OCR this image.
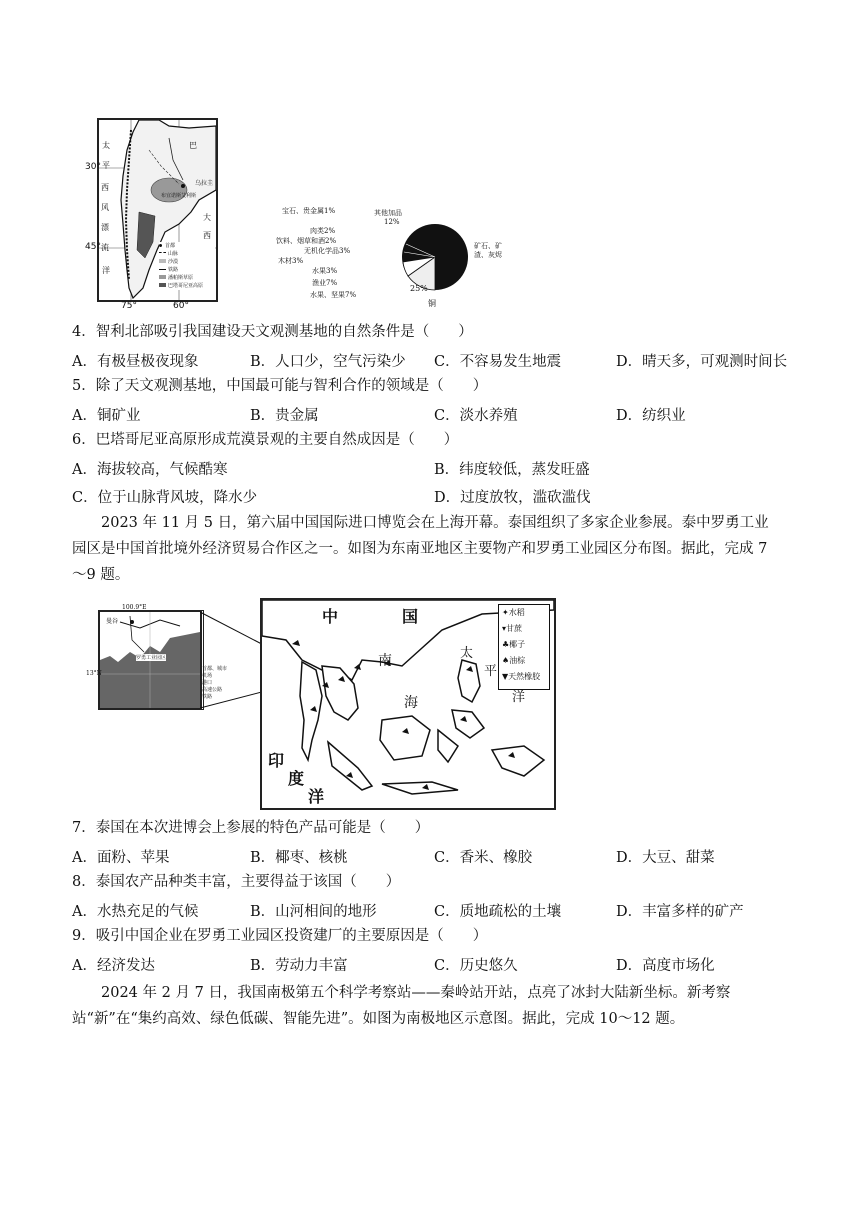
30°
45°
75°	60°
西
风
漂
流
巴
乌拉圭
布宜诺斯艾利斯
太
平
洋
大
西
首都
山脉
沙漠
铁路
潘帕斯草原
巴塔哥尼亚高原
宝石、贵金属1%	其他加品
12%
肉类2%
饮料、烟草和酒2%
无机化学品3%
木材3%
水果3%
渔业7%
水果、坚果7%
矿石、矿渣、灰烬
25%
铜
4．智利北部吸引我国建设天文观测基地的自然条件是（　　）
A．有极昼极夜现象	B．人口少，空气污染少 C．不容易发生地震	D．晴天多，可观测时间长
5．除了天文观测基地，中国最可能与智利合作的领域是（　　）
A．铜矿业	B．贵金属	C．淡水养殖	D．纺织业
6．巴塔哥尼亚高原形成荒漠景观的主要自然成因是（　　）
A．海拔较高，气候酷寒	B．纬度较低，蒸发旺盛
C．位于山脉背风坡，降水少	D．过度放牧，滥砍滥伐
2023 年 11 月 5 日，第六届中国国际进口博览会在上海开幕。泰国组织了多家企业参展。泰中罗勇工业园区是中国首批境外经济贸易合作区之一。如图为东南亚地区主要物产和罗勇工业园区分布图。据此，完成 7～9 题。
100.9°E
13°N
曼谷
罗勇工业园区
首都、城市
机场
港口
高速公路
铁路
中	国
太
平
洋
南
海
印
度
洋
✦水稻
▾甘蔗
♣椰子
♠油棕
▼天然橡胶
7．泰国在本次进博会上参展的特色产品可能是（　　）
A．面粉、苹果	B．椰枣、核桃	C．香米、橡胶	D．大豆、甜菜
8．泰国农产品种类丰富，主要得益于该国（　　）
A．水热充足的气候	B．山河相间的地形	C．质地疏松的土壤	D．丰富多样的矿产
9．吸引中国企业在罗勇工业园区投资建厂的主要原因是（　　）
A．经济发达	B．劳动力丰富	C．历史悠久	D．高度市场化
2024 年 2 月 7 日，我国南极第五个科学考察站——秦岭站开站，点亮了冰封大陆新坐标。新考察站“新”在“集约高效、绿色低碳、智能先进”。如图为南极地区示意图。据此，完成 10～12 题。
